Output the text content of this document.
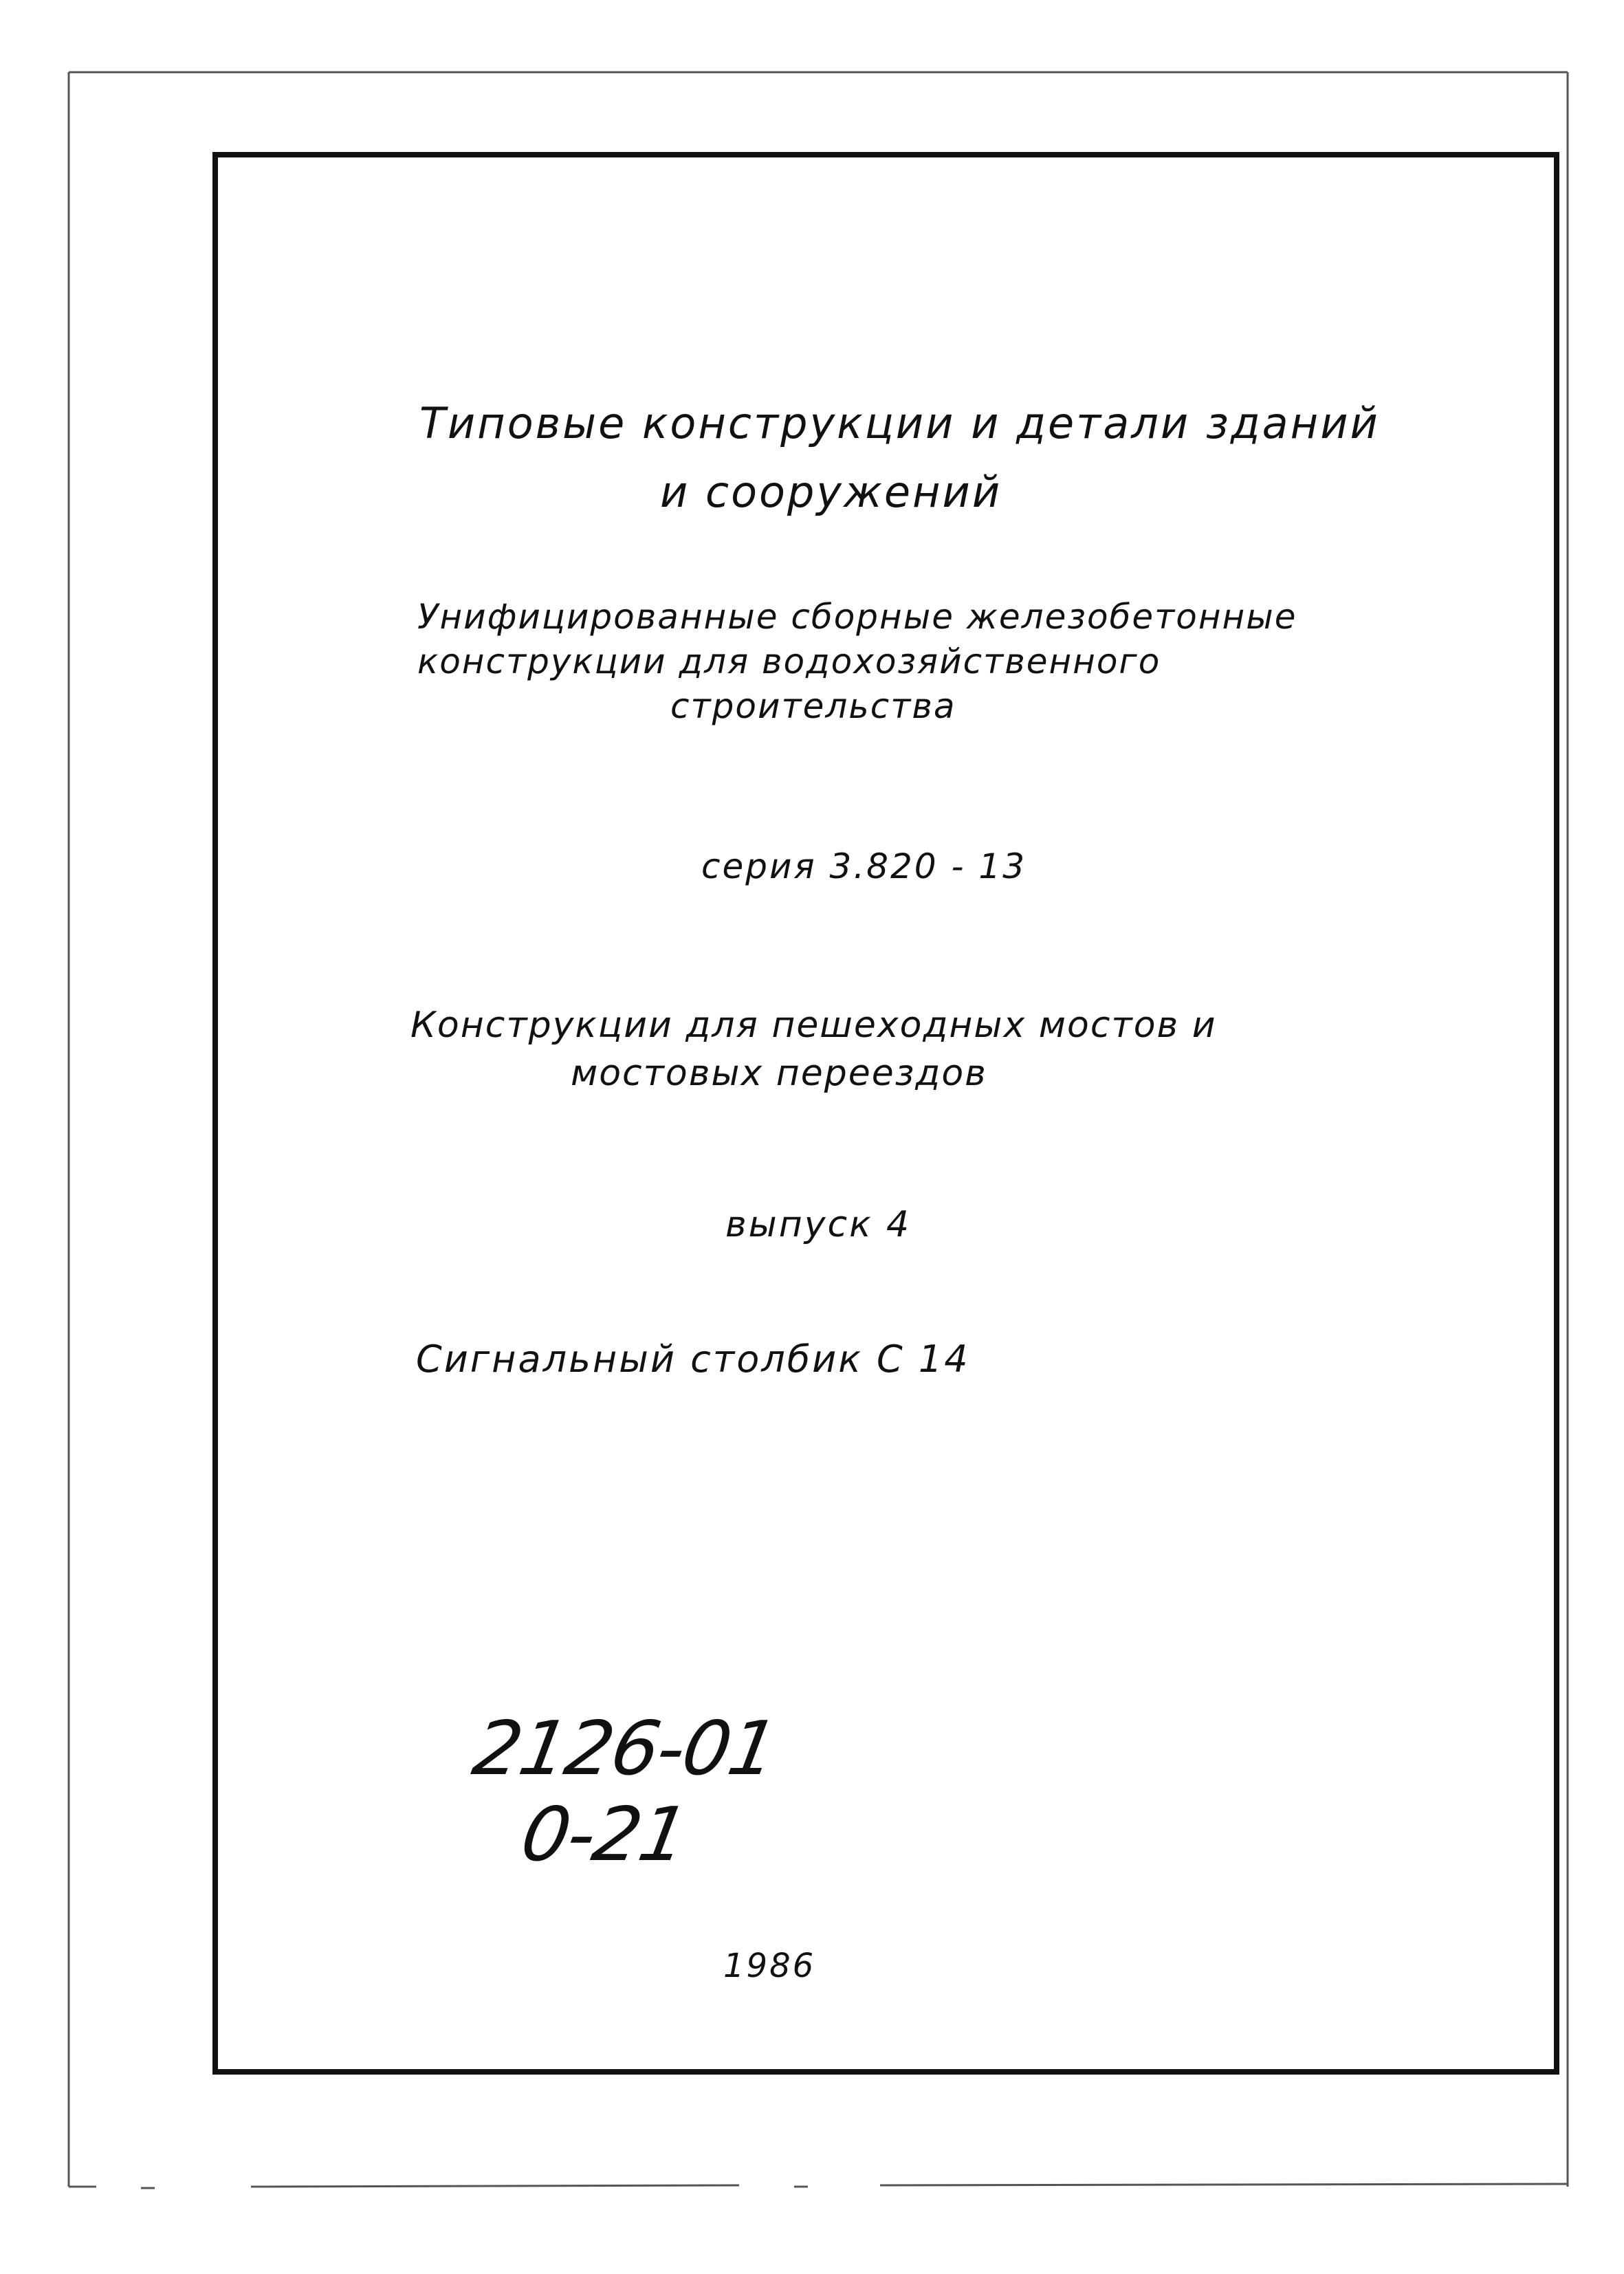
Типовые конструкции и детали зданий
и сооружений
Унифицированные сборные железобетонные
конструкции для водохозяйственного
строительства
серия 3.820 - 13
Конструкции для пешеходных мостов и
мостовых переездов
выпуск 4
Сигнальный столбик С 14
2126-01
0-21
1986
